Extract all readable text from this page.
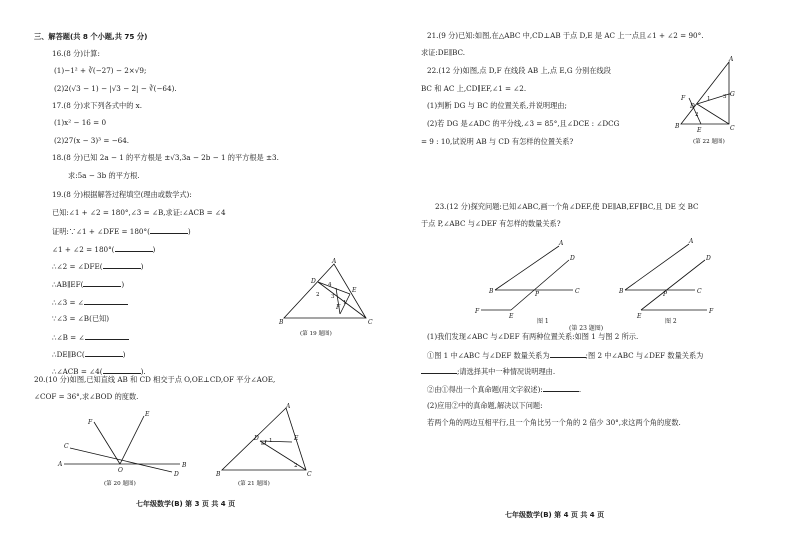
三、解答题(共 8 个小题,共 75 分)
16.(8 分)计算:
(1)−1² + ∛(−27) − 2×√9;
(2)2(√3 − 1) − |√3 − 2| − ∛(−64).
17.(8 分)求下列各式中的 x.
(1)x² − 16 = 0
(2)27(x − 3)³ = −64.
18.(8 分)已知 2a − 1 的平方根是 ±√3,3a − 2b − 1 的平方根是 ±3.
求:5a − 3b 的平方根.
19.(8 分)根据解答过程填空(理由或数学式):
已知:∠1 + ∠2 = 180°,∠3 = ∠B,求证:∠ACB = ∠4
证明:∵∠1 + ∠DFE = 180°(	)
∠1 + ∠2 = 180°(	)
∴∠2 = ∠DFE(	)
∴AB∥EF(	)
∴∠3 = ∠
∵∠3 = ∠B(已知)
∴∠B = ∠
∴DE∥BC(	)
∴∠ACB = ∠4(	).
A
D
E
F
B	C
4
2 3
1
(第 19 题图)
20.(10 分)如图,已知直线 AB 和 CD 相交于点 O,OE⊥CD,OF 平分∠AOE,
∠COF = 36°,求∠BOD 的度数.
A	B
C
D
E
F
O
(第 20 题图)
A
D	E
B	C
1
2
(第 21 题图)
七年级数学(B) 第 3 页 共 4 页
21.(9 分)已知:如图,在△ABC 中,CD⊥AB 于点 D,E 是 AC 上一点且∠1 + ∠2 = 90°.
求证:DE∥BC.
22.(12 分)如图,点 D,F 在线段 AB 上,点 E,G 分别在线段
BC 和 AC 上,CD∥EF,∠1 = ∠2.
(1)判断 DG 与 BC 的位置关系,并说明理由;
(2)若 DG 是∠ADC 的平分线,∠3 = 85°,且∠DCE : ∠DCG
= 9 : 10,试说明 AB 与 CD 有怎样的位置关系?
A
G
F
D
B
E	C
1
2
3
(第 22 题图)
23.(12 分)探究问题:已知∠ABC,画一个角∠DEF,使 DE∥AB,EF∥BC,且 DE 交 BC
于点 P,∠ABC 与∠DEF 有怎样的数量关系?
A
D
B	C
P
E
F
图 1
A
D
B	C
P
E
F
图 2
(第 23 题图)
(1)我们发现∠ABC 与∠DEF 有两种位置关系:如图 1 与图 2 所示.
①图 1 中∠ABC 与∠DEF 数量关系为	;图 2 中∠ABC 与∠DEF 数量关系为
;请选择其中一种情况说明理由.
②由①得出一个真命题(用文字叙述):	.
(2)应用②中的真命题,解决以下问题:
若两个角的两边互相平行,且一个角比另一个角的 2 倍少 30°,求这两个角的度数.
七年级数学(B) 第 4 页 共 4 页
